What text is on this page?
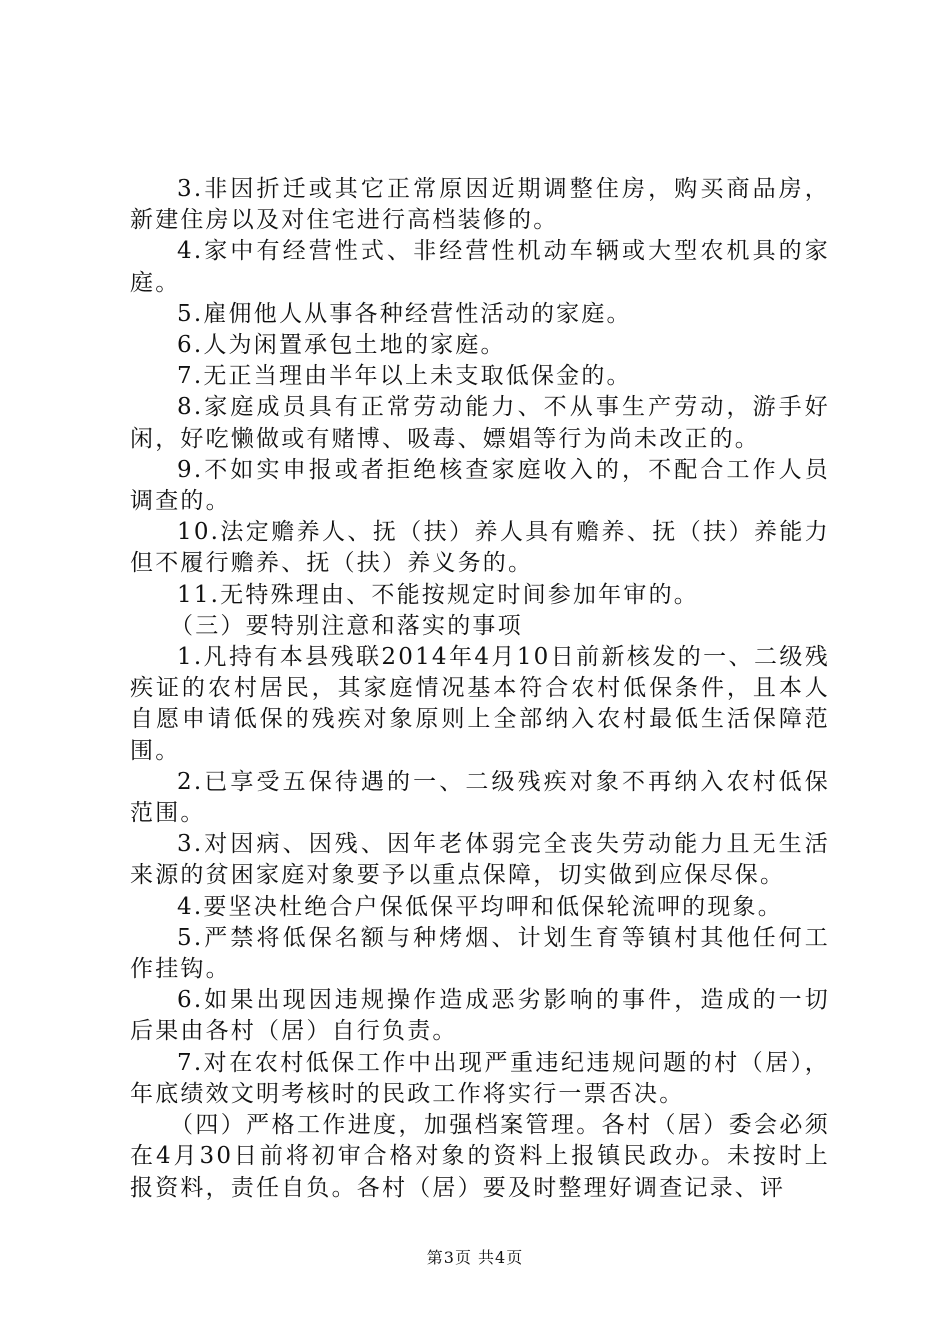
3.非因折迁或其它正常原因近期调整住房，购买商品房，新建住房以及对住宅进行高档装修的。

4.家中有经营性式、非经营性机动车辆或大型农机具的家庭。

5.雇佣他人从事各种经营性活动的家庭。

6.人为闲置承包土地的家庭。

7.无正当理由半年以上未支取低保金的。

8.家庭成员具有正常劳动能力、不从事生产劳动，游手好闲，好吃懒做或有赌博、吸毒、嫖娼等行为尚未改正的。

9.不如实申报或者拒绝核查家庭收入的，不配合工作人员调查的。

10.法定赡养人、抚（扶）养人具有赡养、抚（扶）养能力但不履行赡养、抚（扶）养义务的。

11.无特殊理由、不能按规定时间参加年审的。

（三）要特别注意和落实的事项

1.凡持有本县残联2014年4月10日前新核发的一、二级残疾证的农村居民，其家庭情况基本符合农村低保条件，且本人自愿申请低保的残疾对象原则上全部纳入农村最低生活保障范围。

2.已享受五保待遇的一、二级残疾对象不再纳入农村低保范围。

3.对因病、因残、因年老体弱完全丧失劳动能力且无生活来源的贫困家庭对象要予以重点保障，切实做到应保尽保。

4.要坚决杜绝合户保低保平均呷和低保轮流呷的现象。

5.严禁将低保名额与种烤烟、计划生育等镇村其他任何工作挂钩。

6.如果出现因违规操作造成恶劣影响的事件，造成的一切后果由各村（居）自行负责。

7.对在农村低保工作中出现严重违纪违规问题的村（居），年底绩效文明考核时的民政工作将实行一票否决。

（四）严格工作进度，加强档案管理。各村（居）委会必须在4月30日前将初审合格对象的资料上报镇民政办。未按时上报资料，责任自负。各村（居）要及时整理好调查记录、评

第3页 共4页
